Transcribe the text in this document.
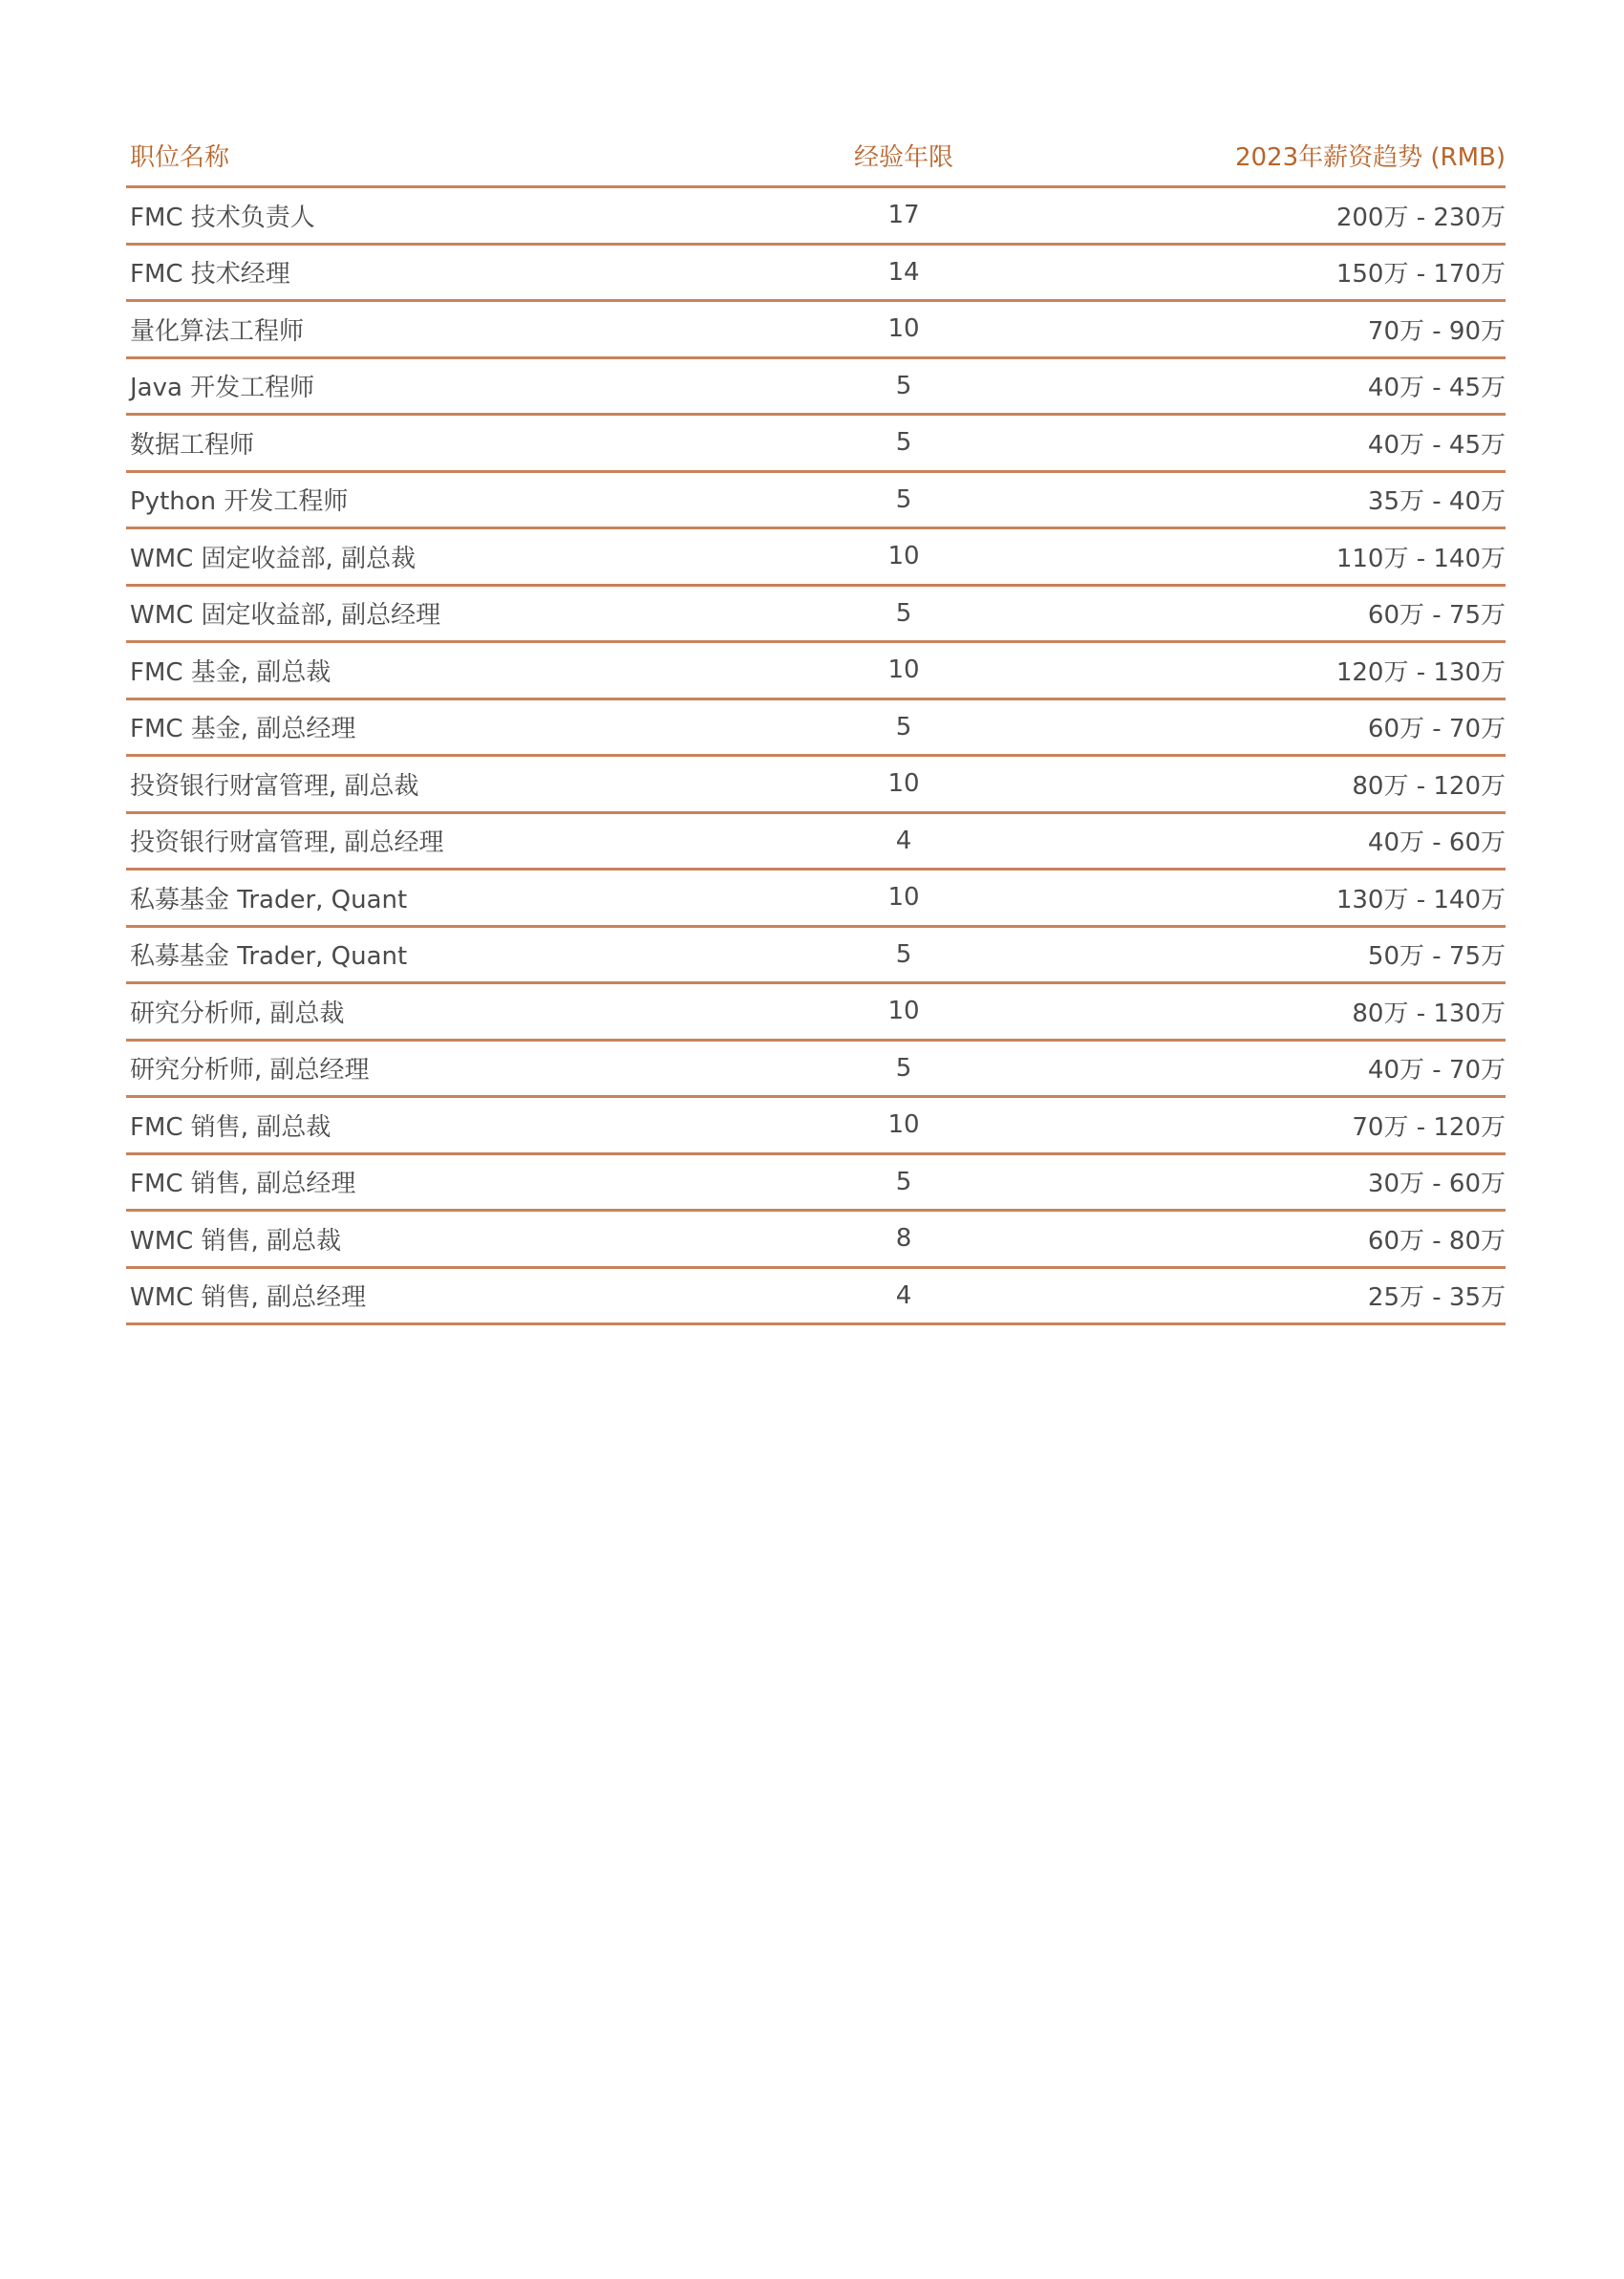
职位名称	经验年限	2023年薪资趋势 (RMB)
FMC 技术负责人	17	200万 - 230万
FMC 技术经理	14	150万 - 170万
量化算法工程师	10	70万 - 90万
Java 开发工程师	5	40万 - 45万
数据工程师	5	40万 - 45万
Python 开发工程师	5	35万 - 40万
WMC 固定收益部, 副总裁	10	110万 - 140万
WMC 固定收益部, 副总经理	5	60万 - 75万
FMC 基金, 副总裁	10	120万 - 130万
FMC 基金, 副总经理	5	60万 - 70万
投资银行财富管理, 副总裁	10	80万 - 120万
投资银行财富管理, 副总经理	4	40万 - 60万
私募基金 Trader, Quant	10	130万 - 140万
私募基金 Trader, Quant	5	50万 - 75万
研究分析师, 副总裁	10	80万 - 130万
研究分析师, 副总经理	5	40万 - 70万
FMC 销售, 副总裁	10	70万 - 120万
FMC 销售, 副总经理	5	30万 - 60万
WMC 销售, 副总裁	8	60万 - 80万
WMC 销售, 副总经理	4	25万 - 35万
